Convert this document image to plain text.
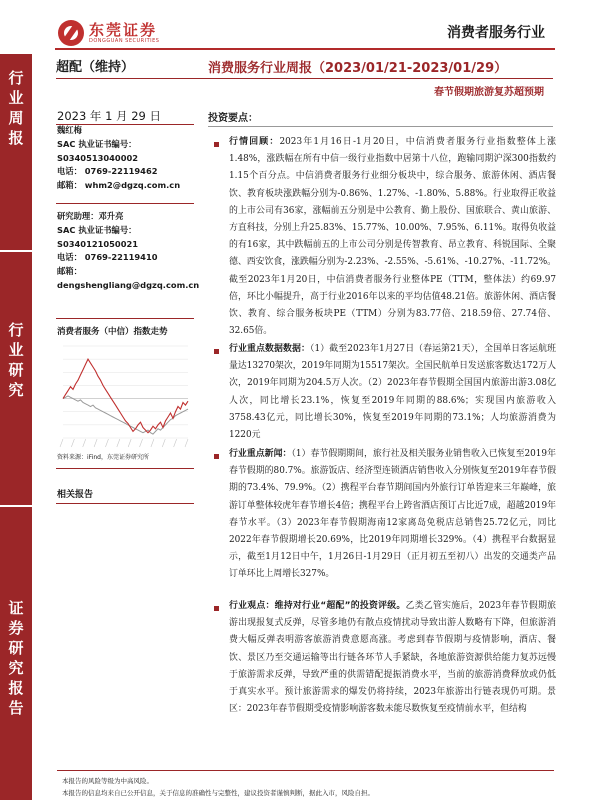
东莞证券
DONGGUAN SECURITIES	消费者服务行业
行
业
周
报
行
业
研
究
证
券
研
究
报
告
超配（维持）	消费服务行业周报（2023/01/21-2023/01/29）
春节假期旅游复苏超预期
2023 年 1 月 29 日
魏红梅
SAC 执业证书编号：
S0340513040002
电话： 0769-22119462
邮箱： whm2@dgzq.com.cn
研究助理：邓升亮
SAC 执业证书编号：
S0340121050021
电话： 0769-22119410
邮箱：
dengshengliang@dgzq.com.cn
消费者服务（中信）指数走势
资料来源：iFind，东莞证券研究所
相关报告
投资要点：
行情回顾：2023年1月16日-1月20日，中信消费者服务行业指数整体上涨1.48%，涨跌幅在所有中信一级行业指数中居第十八位，跑输同期沪深300指数约1.15个百分点。中信消费者服务行业细分板块中，综合服务、旅游休闲、酒店餐饮、教育板块涨跌幅分别为-0.86%、1.27%、-1.80%、5.88%。行业取得正收益的上市公司有36家，涨幅前五分别是中公教育、勤上股份、国旅联合、黄山旅游、方直科技，分别上升25.83%、15.77%、10.00%、7.95%、6.11%。取得负收益的有16家，其中跌幅前五的上市公司分别是传智教育、昂立教育、科锐国际、全聚德、西安饮食，涨跌幅分别为-2.23%、-2.55%、-5.61%、-10.27%、-11.72%。截至2023年1月20日，中信消费者服务行业整体PE（TTM，整体法）约69.97倍，环比小幅提升，高于行业2016年以来的平均估值48.21倍。旅游休闲、酒店餐饮、教育、综合服务板块PE（TTM）分别为83.77倍、218.59倍、27.74倍、32.65倍。
行业重点数据数据：（1）截至2023年1月27日（春运第21天），全国单日客运航班量达13270架次，2019年同期为15517架次。全国民航单日发送旅客数达172万人次，2019年同期为204.5万人次。（2）2023年春节假期全国国内旅游出游3.08亿人次，同比增长23.1%，恢复至2019年同期的88.6%；实现国内旅游收入3758.43亿元，同比增长30%，恢复至2019年同期的73.1%；人均旅游消费为1220元
行业重点新闻：（1）春节假期期间，旅行社及相关服务业销售收入已恢复至2019年春节假期的80.7%。旅游饭店、经济型连锁酒店销售收入分别恢复至2019年春节假期的73.4%、79.9%。（2）携程平台春节期间国内外旅行订单皆迎来三年巅峰，旅游订单整体较虎年春节增长4倍；携程平台上跨省酒店预订占比近7成，超越2019年春节水平。（3）2023年春节假期海南12家离岛免税店总销售25.72亿元，同比2022年春节假期增长20.69%，比2019年同期增长329%。（4）携程平台数据显示，截至1月12日中午，1月26日-1月29日（正月初五至初八）出发的交通类产品订单环比上周增长327%。
行业观点：维持对行业“超配”的投资评级。乙类乙管实施后，2023年春节假期旅游出现报复式反弹，尽管多地仍有散点疫情扰动导致出游人数略有下降，但旅游消费大幅反弹表明游客旅游消费意愿高涨。考虑到春节假期与疫情影响，酒店、餐饮、景区乃至交通运输等出行链各环节人手紧缺，各地旅游资源供给能力复苏远慢于旅游需求反弹，导致严重的供需错配提振消费水平，当前的旅游消费释放或仍低于真实水平。预计旅游需求的爆发仍将持续，2023年旅游出行链表现仍可期。景区：2023年春节假期受疫情影响游客数未能尽数恢复至疫情前水平，但结构
本报告的风险等级为中高风险。
本报告的信息均来自已公开信息，关于信息的准确性与完整性，建议投资者谨慎判断，据此入市，风险自担。
